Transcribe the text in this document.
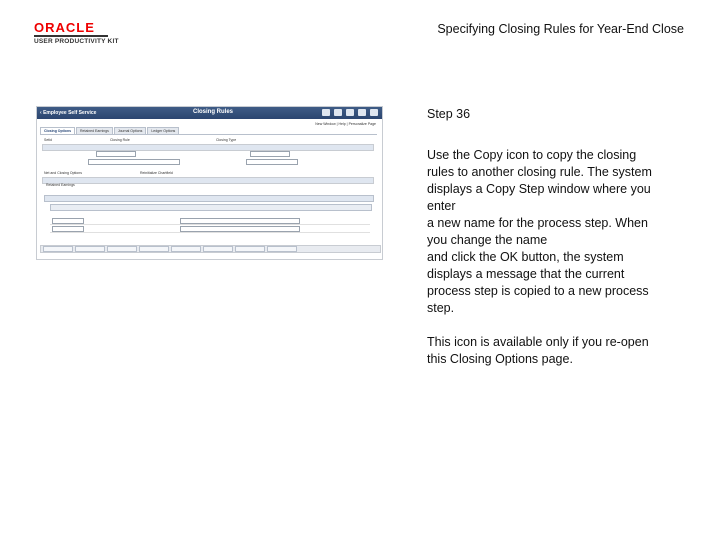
ORACLE
USER PRODUCTIVITY KIT
Specifying Closing Rules for Year-End Close
‹ Employee Self Service	Closing Rules
New Window | Help | Personalize Page
Closing Options	Retained Earnings	Journal Options	Ledger Options
Setid	Closing Rule	Closing Type
Net and Closing Options	Reinitialize Chartfield
Retained Earnings
Step 36
Use the Copy icon to copy the closing
rules to another closing rule. The system
displays a Copy Step window where you
enter
a new name for the process step. When
you change the name
and click the OK button, the system
displays a message that the current
process step is copied to a new process
step.
This icon is available only if you re-open
this Closing Options page.
